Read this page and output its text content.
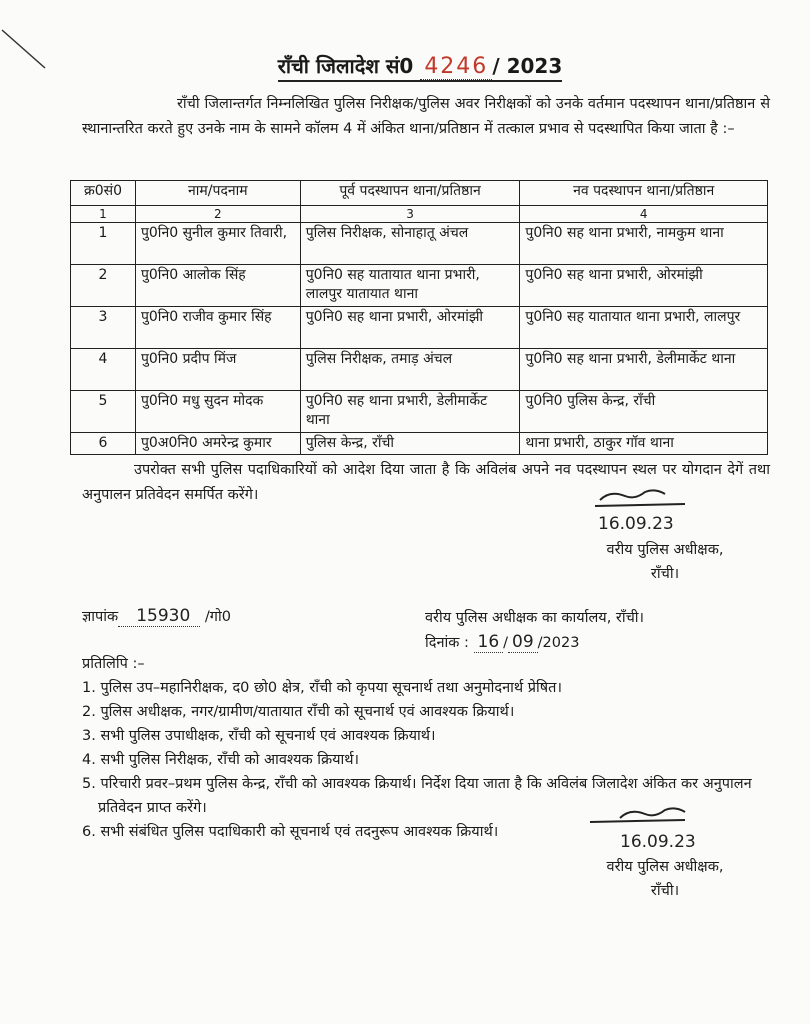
रॉंची जिलादेश सं0 4246 / 2023
रॉंची जिलान्तर्गत निम्नलिखित पुलिस निरीक्षक/पुलिस अवर निरीक्षकों को उनके वर्तमान पदस्थापन थाना/प्रतिष्ठान से स्थानान्तरित करते हुए उनके नाम के सामने कॉलम 4 में अंकित थाना/प्रतिष्ठान में तत्काल प्रभाव से पदस्थापित किया जाता है :–
क्र0सं0	नाम/पदनाम	पूर्व पदस्थापन थाना/प्रतिष्ठान	नव पदस्थापन थाना/प्रतिष्ठान
1	2	3	4
1	पु0नि0 सुनील कुमार तिवारी,	पुलिस निरीक्षक, सोनाहातू अंचल	पु0नि0 सह थाना प्रभारी, नामकुम थाना
2	पु0नि0 आलोक सिंह	पु0नि0 सह यातायात थाना प्रभारी, लालपुर यातायात थाना	पु0नि0 सह थाना प्रभारी, ओरमांझी
3	पु0नि0 राजीव कुमार सिंह	पु0नि0 सह थाना प्रभारी, ओरमांझी	पु0नि0 सह यातायात थाना प्रभारी, लालपुर
4	पु0नि0 प्रदीप मिंज	पुलिस निरीक्षक, तमाड़ अंचल	पु0नि0 सह थाना प्रभारी, डेलीमार्केट थाना
5	पु0नि0 मधु सुदन मोदक	पु0नि0 सह थाना प्रभारी, डेलीमार्केट थाना	पु0नि0 पुलिस केन्द्र, रॉंची
6	पु0अ0नि0 अमरेन्द्र कुमार	पुलिस केन्द्र, रॉंची	थाना प्रभारी, ठाकुर गॉव थाना
उपरोक्त सभी पुलिस पदाधिकारियों को आदेश दिया जाता है कि अविलंब अपने नव पदस्थापन स्थल पर योगदान देगें तथा अनुपालन प्रतिवेदन समर्पित करेंगे।
16.09.23
वरीय पुलिस अधीक्षक,
रॉंची।
ज्ञापांक 15930 /गो0	वरीय पुलिस अधीक्षक का कार्यालय, रॉंची।
दिनांक : 16 / 09 /2023
प्रतिलिपि :–
1. पुलिस उप–महानिरीक्षक, द0 छो0 क्षेत्र, रॉंची को कृपया सूचनार्थ तथा अनुमोदनार्थ प्रेषित।
2. पुलिस अधीक्षक, नगर/ग्रामीण/यातायात रॉंची को सूचनार्थ एवं आवश्यक क्रियार्थ।
3. सभी पुलिस उपाधीक्षक, रॉंची को सूचनार्थ एवं आवश्यक क्रियार्थ।
4. सभी पुलिस निरीक्षक, रॉंची को आवश्यक क्रियार्थ।
5. परिचारी प्रवर–प्रथम पुलिस केन्द्र, रॉंची को आवश्यक क्रियार्थ। निर्देश दिया जाता है कि अविलंब जिलादेश अंकित कर अनुपालन प्रतिवेदन प्राप्त करेंगे।
6. सभी संबंधित पुलिस पदाधिकारी को सूचनार्थ एवं तदनुरूप आवश्यक क्रियार्थ।	16.09.23
वरीय पुलिस अधीक्षक,
रॉंची।
